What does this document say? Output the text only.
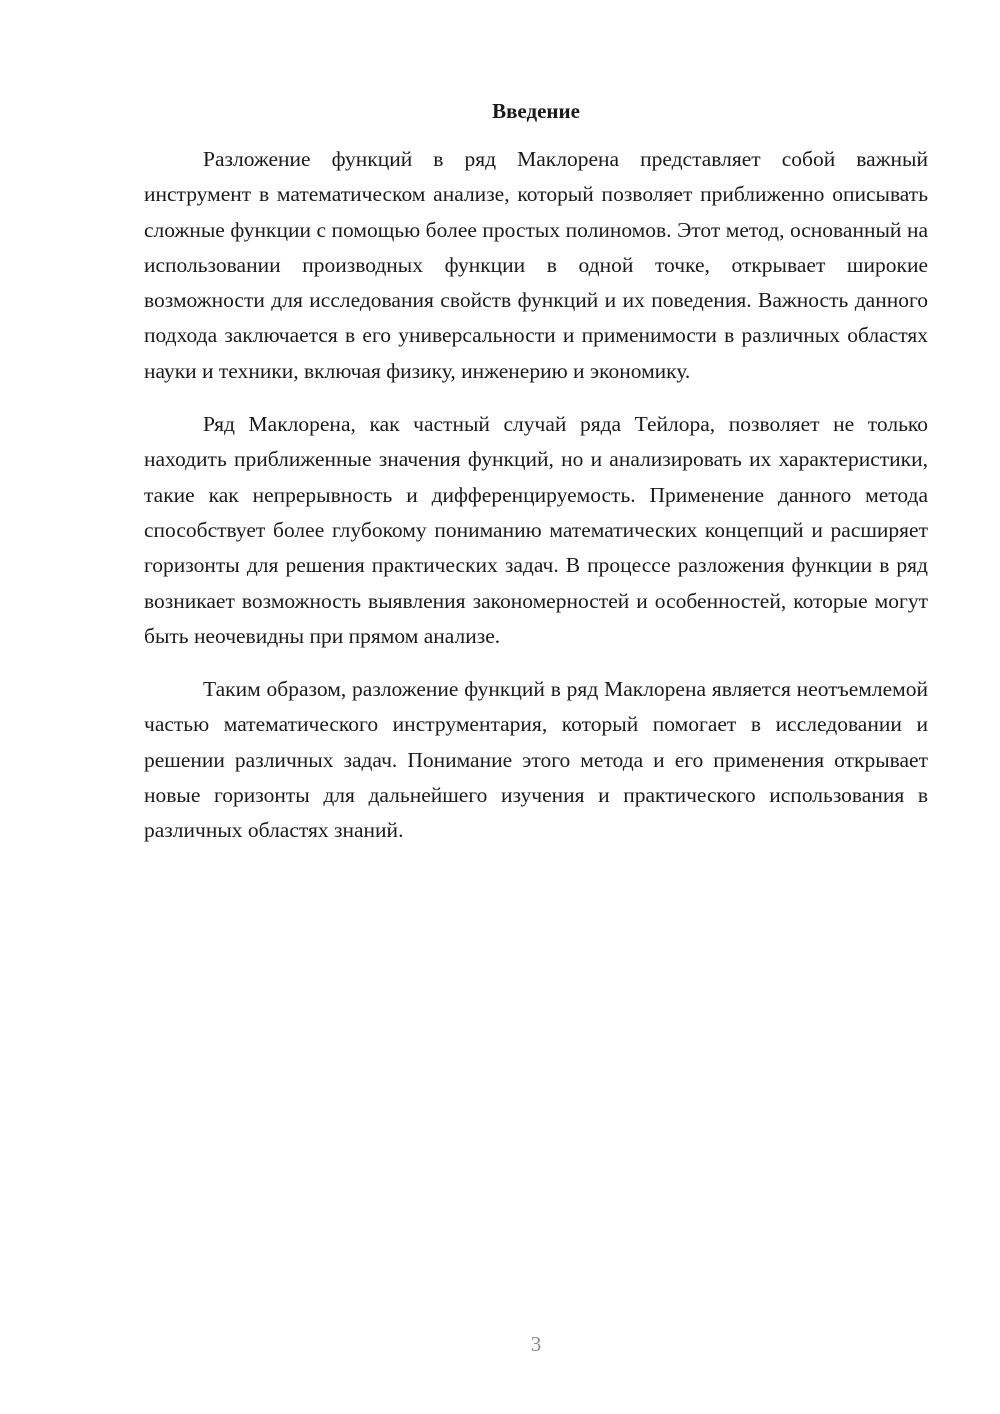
Введение

Разложение функций в ряд Маклорена представляет собой важный инструмент в математическом анализе, который позволяет приближенно описывать сложные функции с помощью более простых полиномов. Этот метод, основанный на использовании производных функции в одной точке, открывает широкие возможности для исследования свойств функций и их поведения. Важность данного подхода заключается в его универсальности и применимости в различных областях науки и техники, включая физику, инженерию и экономику.

Ряд Маклорена, как частный случай ряда Тейлора, позволяет не только находить приближенные значения функций, но и анализировать их характеристики, такие как непрерывность и дифференцируемость. Применение данного метода способствует более глубокому пониманию математических концепций и расширяет горизонты для решения практических задач. В процессе разложения функции в ряд возникает возможность выявления закономерностей и особенностей, которые могут быть неочевидны при прямом анализе.

Таким образом, разложение функций в ряд Маклорена является неотъемлемой частью математического инструментария, который помогает в исследовании и решении различных задач. Понимание этого метода и его применения открывает новые горизонты для дальнейшего изучения и практического использования в различных областях знаний.

3
